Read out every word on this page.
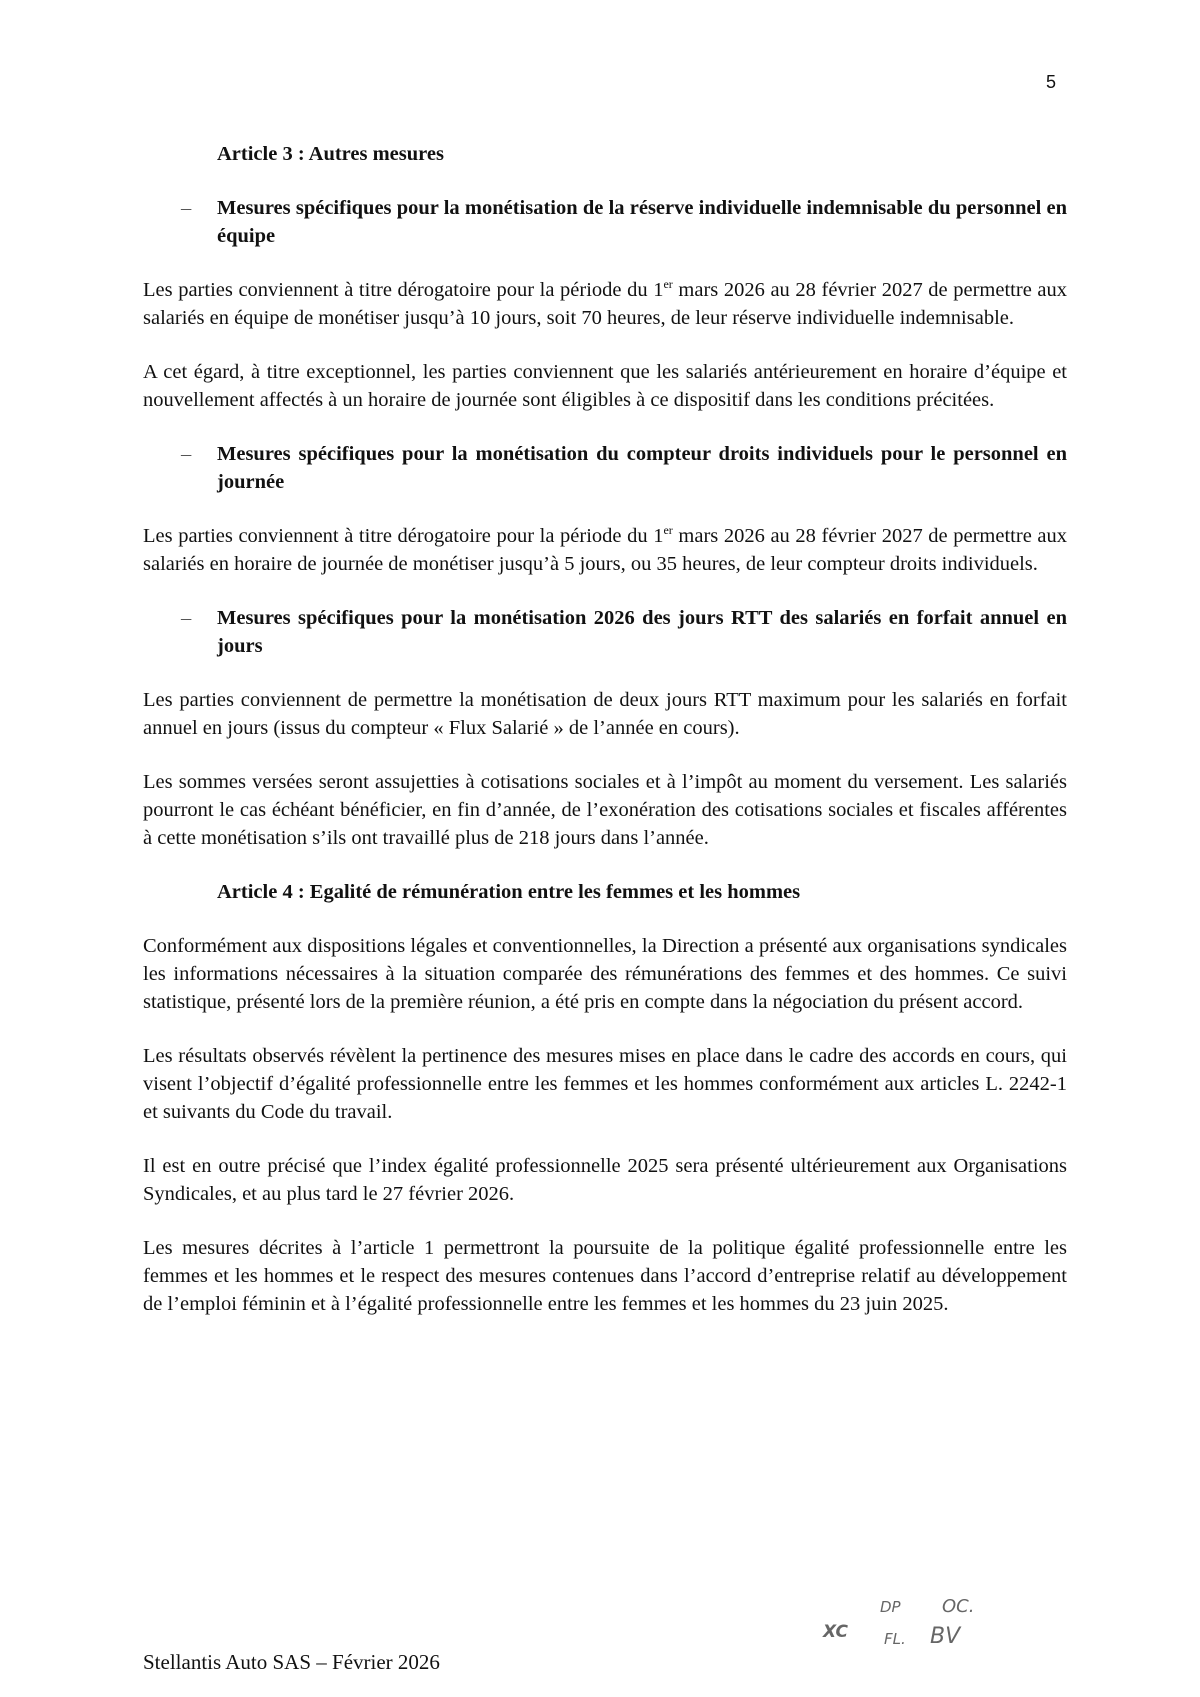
5
Article 3 : Autres mesures
–	Mesures spécifiques pour la monétisation de la réserve individuelle indemnisable du personnel en équipe

Les parties conviennent à titre dérogatoire pour la période du 1er mars 2026 au 28 février 2027 de permettre aux salariés en équipe de monétiser jusqu’à 10 jours, soit 70 heures, de leur réserve individuelle indemnisable.

A cet égard, à titre exceptionnel, les parties conviennent que les salariés antérieurement en horaire d’équipe et nouvellement affectés à un horaire de journée sont éligibles à ce dispositif dans les conditions précitées.

–	Mesures spécifiques pour la monétisation du compteur droits individuels pour le personnel en journée

Les parties conviennent à titre dérogatoire pour la période du 1er mars 2026 au 28 février 2027 de permettre aux salariés en horaire de journée de monétiser jusqu’à 5 jours, ou 35 heures, de leur compteur droits individuels.

–	Mesures spécifiques pour la monétisation 2026 des jours RTT des salariés en forfait annuel en jours

Les parties conviennent de permettre la monétisation de deux jours RTT maximum pour les salariés en forfait annuel en jours (issus du compteur « Flux Salarié » de l’année en cours).

Les sommes versées seront assujetties à cotisations sociales et à l’impôt au moment du versement. Les salariés pourront le cas échéant bénéficier, en fin d’année, de l’exonération des cotisations sociales et fiscales afférentes à cette monétisation s’ils ont travaillé plus de 218 jours dans l’année.

Article 4 : Egalité de rémunération entre les femmes et les hommes

Conformément aux dispositions légales et conventionnelles, la Direction a présenté aux organisations syndicales les informations nécessaires à la situation comparée des rémunérations des femmes et des hommes. Ce suivi statistique, présenté lors de la première réunion, a été pris en compte dans la négociation du présent accord.

Les résultats observés révèlent la pertinence des mesures mises en place dans le cadre des accords en cours, qui visent l’objectif d’égalité professionnelle entre les femmes et les hommes conformément aux articles L. 2242-1 et suivants du Code du travail.

Il est en outre précisé que l’index égalité professionnelle 2025 sera présenté ultérieurement aux Organisations Syndicales, et au plus tard le 27 février 2026.

Les mesures décrites à l’article 1 permettront la poursuite de la politique égalité professionnelle entre les femmes et les hommes et le respect des mesures contenues dans l’accord d’entreprise relatif au développement de l’emploi féminin et à l’égalité professionnelle entre les femmes et les hommes du 23 juin 2025.

Stellantis Auto SAS – Février 2026
XC
DP OC.
FL. BV
